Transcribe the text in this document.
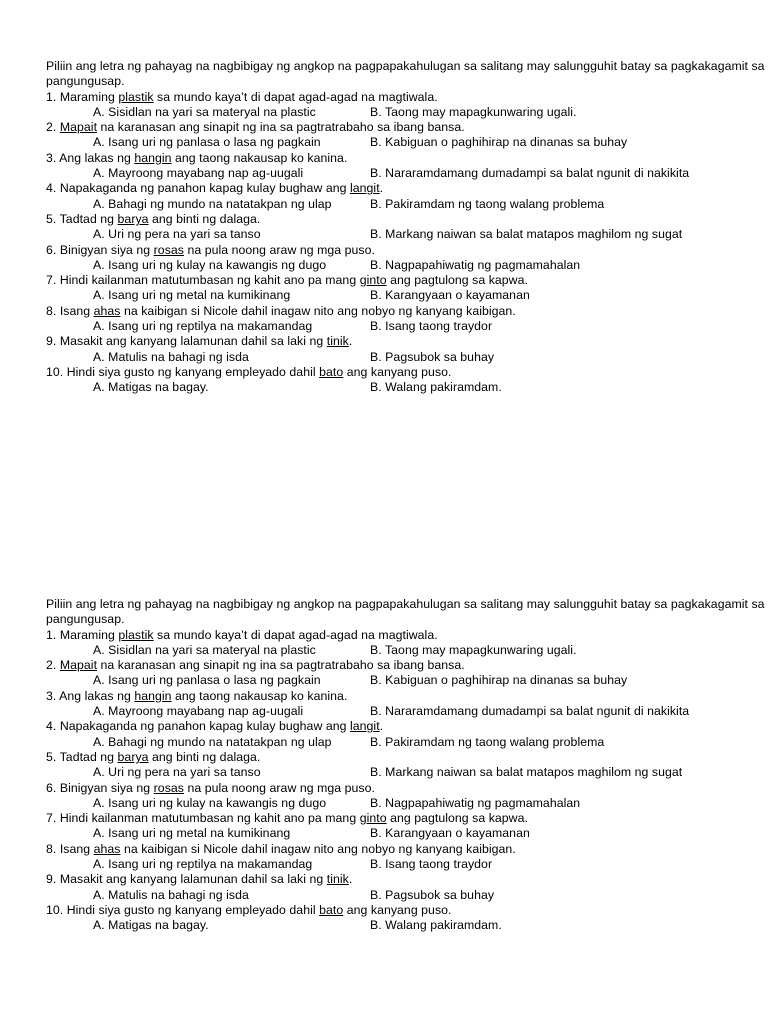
Piliin ang letra ng pahayag na nagbibigay ng angkop na pagpapakahulugan sa salitang may salungguhit batay sa pagkakagamit sa pangungusap.

1. Maraming plastik sa mundo kaya’t di dapat agad-agad na magtiwala.
A. Sisidlan na yari sa materyal na plastic	B. Taong may mapagkunwaring ugali.
2. Mapait na karanasan ang sinapit ng ina sa pagtratrabaho sa ibang bansa.
A. Isang uri ng panlasa o lasa ng pagkain	B. Kabiguan o paghihirap na dinanas sa buhay
3. Ang lakas ng hangin ang taong nakausap ko kanina.
A. Mayroong mayabang nap ag-uugali	B. Nararamdamang dumadampi sa balat ngunit di nakikita
4. Napakaganda ng panahon kapag kulay bughaw ang langit.
A. Bahagi ng mundo na natatakpan ng ulap	B. Pakiramdam ng taong walang problema
5. Tadtad ng barya ang binti ng dalaga.
A. Uri ng pera na yari sa tanso	B. Markang naiwan sa balat matapos maghilom ng sugat
6. Binigyan siya ng rosas na pula noong araw ng mga puso.
A. Isang uri ng kulay na kawangis ng dugo	B. Nagpapahiwatig ng pagmamahalan
7. Hindi kailanman matutumbasan ng kahit ano pa mang ginto ang pagtulong sa kapwa.
A. Isang uri ng metal na kumikinang	B. Karangyaan o kayamanan
8. Isang ahas na kaibigan si Nicole dahil inagaw nito ang nobyo ng kanyang kaibigan.
A. Isang uri ng reptilya na makamandag	B. Isang taong traydor
9. Masakit ang kanyang lalamunan dahil sa laki ng tinik.
A. Matulis na bahagi ng isda	B. Pagsubok sa buhay
10. Hindi siya gusto ng kanyang empleyado dahil bato ang kanyang puso.
A. Matigas na bagay.	B. Walang pakiramdam.

Piliin ang letra ng pahayag na nagbibigay ng angkop na pagpapakahulugan sa salitang may salungguhit batay sa pagkakagamit sa pangungusap.

1. Maraming plastik sa mundo kaya’t di dapat agad-agad na magtiwala.
A. Sisidlan na yari sa materyal na plastic	B. Taong may mapagkunwaring ugali.
2. Mapait na karanasan ang sinapit ng ina sa pagtratrabaho sa ibang bansa.
A. Isang uri ng panlasa o lasa ng pagkain	B. Kabiguan o paghihirap na dinanas sa buhay
3. Ang lakas ng hangin ang taong nakausap ko kanina.
A. Mayroong mayabang nap ag-uugali	B. Nararamdamang dumadampi sa balat ngunit di nakikita
4. Napakaganda ng panahon kapag kulay bughaw ang langit.
A. Bahagi ng mundo na natatakpan ng ulap	B. Pakiramdam ng taong walang problema
5. Tadtad ng barya ang binti ng dalaga.
A. Uri ng pera na yari sa tanso	B. Markang naiwan sa balat matapos maghilom ng sugat
6. Binigyan siya ng rosas na pula noong araw ng mga puso.
A. Isang uri ng kulay na kawangis ng dugo	B. Nagpapahiwatig ng pagmamahalan
7. Hindi kailanman matutumbasan ng kahit ano pa mang ginto ang pagtulong sa kapwa.
A. Isang uri ng metal na kumikinang	B. Karangyaan o kayamanan
8. Isang ahas na kaibigan si Nicole dahil inagaw nito ang nobyo ng kanyang kaibigan.
A. Isang uri ng reptilya na makamandag	B. Isang taong traydor
9. Masakit ang kanyang lalamunan dahil sa laki ng tinik.
A. Matulis na bahagi ng isda	B. Pagsubok sa buhay
10. Hindi siya gusto ng kanyang empleyado dahil bato ang kanyang puso.
A. Matigas na bagay.	B. Walang pakiramdam.
